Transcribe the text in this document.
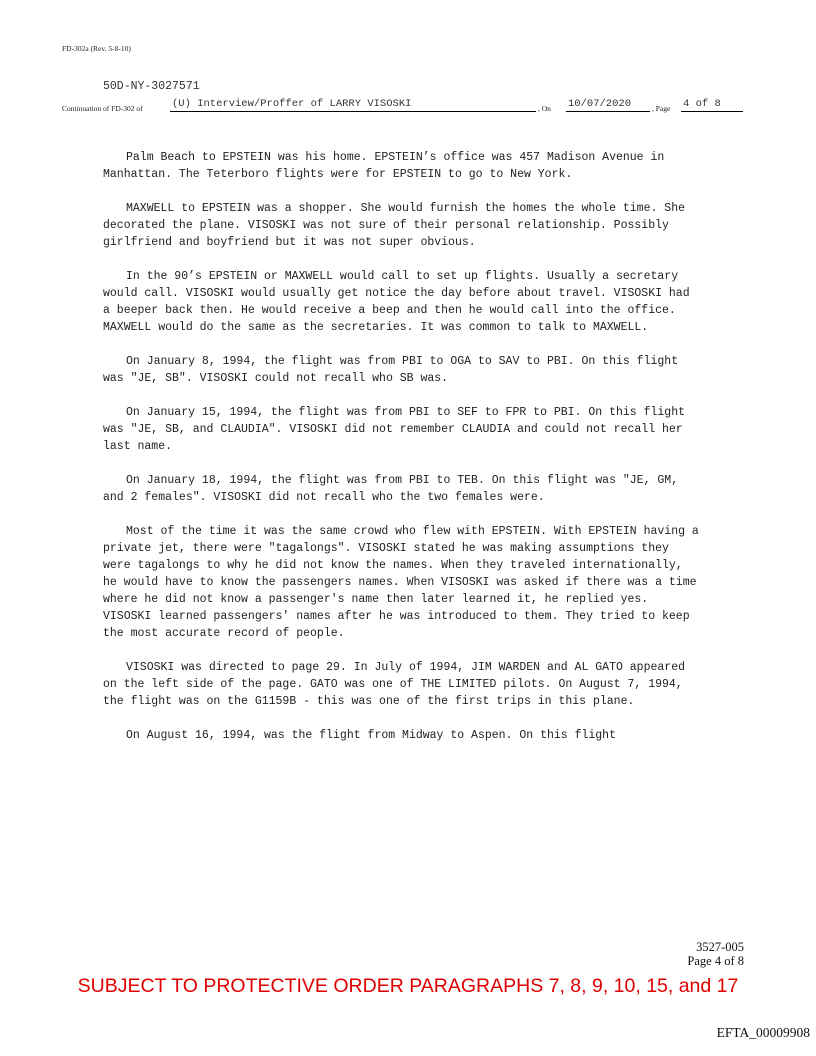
FD-302a (Rev. 5-8-10)
50D-NY-3027571
Continuation of FD-302 of	(U) Interview/Proffer of LARRY VISOSKI	, On 10/07/2020	, Page 4 of 8

Palm Beach to EPSTEIN was his home. EPSTEIN’s office was 457 Madison Avenue in Manhattan. The Teterboro flights were for EPSTEIN to go to New York.

MAXWELL to EPSTEIN was a shopper. She would furnish the homes the whole time. She decorated the plane. VISOSKI was not sure of their personal relationship. Possibly girlfriend and boyfriend but it was not super obvious.

In the 90’s EPSTEIN or MAXWELL would call to set up flights. Usually a secretary would call. VISOSKI would usually get notice the day before about travel. VISOSKI had a beeper back then. He would receive a beep and then he would call into the office. MAXWELL would do the same as the secretaries. It was common to talk to MAXWELL.

On January 8, 1994, the flight was from PBI to OGA to SAV to PBI. On this flight was "JE, SB". VISOSKI could not recall who SB was.

On January 15, 1994, the flight was from PBI to SEF to FPR to PBI. On this flight was "JE, SB, and CLAUDIA". VISOSKI did not remember CLAUDIA and could not recall her last name.

On January 18, 1994, the flight was from PBI to TEB. On this flight was "JE, GM, and 2 females". VISOSKI did not recall who the two females were.

Most of the time it was the same crowd who flew with EPSTEIN. With EPSTEIN having a private jet, there were "tagalongs". VISOSKI stated he was making assumptions they were tagalongs to why he did not know the names. When they traveled internationally, he would have to know the passengers names. When VISOSKI was asked if there was a time where he did not know a passenger's name then later learned it, he replied yes. VISOSKI learned passengers' names after he was introduced to them. They tried to keep the most accurate record of people.

VISOSKI was directed to page 29. In July of 1994, JIM WARDEN and AL GATO appeared on the left side of the page. GATO was one of THE LIMITED pilots. On August 7, 1994, the flight was on the G1159B - this was one of the first trips in this plane.

On August 16, 1994, was the flight from Midway to Aspen. On this flight

3527-005
Page 4 of 8
SUBJECT TO PROTECTIVE ORDER PARAGRAPHS 7, 8, 9, 10, 15, and 17
EFTA_00009908
